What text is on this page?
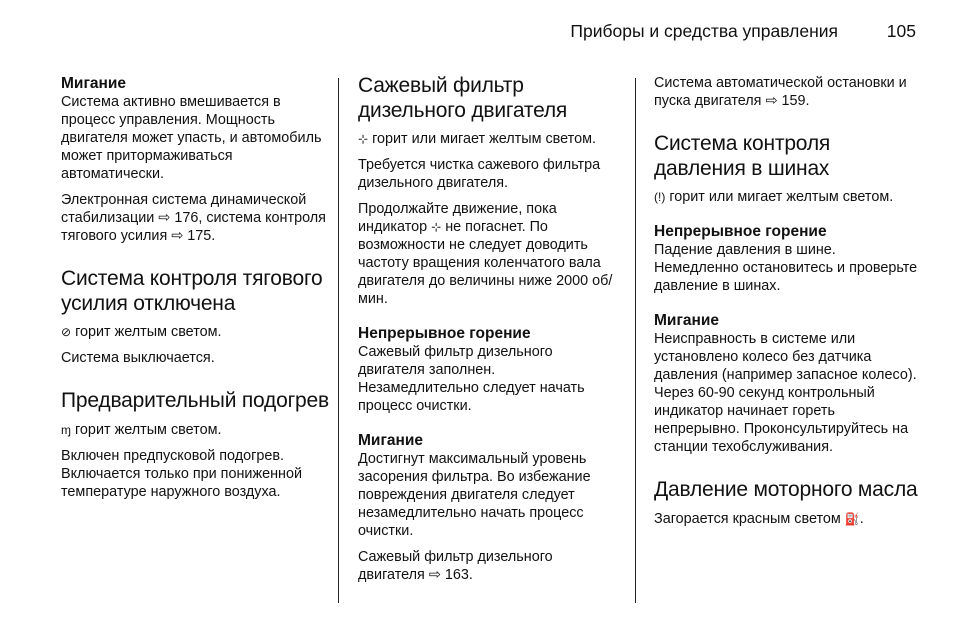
Приборы и средства управления	105
Мигание

Система активно вмешивается в процесс управления. Мощность двигателя может упасть, и автомобиль может притормаживаться автоматически.

Электронная система динамической стабилизации ⇨ 176, система контроля тягового усилия ⇨ 175.

Система контроля тягового усилия отключена

⊘ горит желтым светом.

Система выключается.

Предварительный подогрев

ɱ горит желтым светом.

Включен предпусковой подогрев. Включается только при пониженной температуре наружного воздуха.

Сажевый фильтр дизельного двигателя

⊹ горит или мигает желтым светом.

Требуется чистка сажевого фильтра дизельного двигателя.

Продолжайте движение, пока индикатор ⊹ не погаснет. По возможности не следует доводить частоту вращения коленчатого вала двигателя до величины ниже 2000 об/мин.

Непрерывное горение

Сажевый фильтр дизельного двигателя заполнен. Незамедлительно следует начать процесс очистки.

Мигание

Достигнут максимальный уровень засорения фильтра. Во избежание повреждения двигателя следует незамедлительно начать процесс очистки.

Сажевый фильтр дизельного двигателя ⇨ 163.

Система автоматической остановки и пуска двигателя ⇨ 159.

Система контроля давления в шинах

(!) горит или мигает желтым светом.

Непрерывное горение

Падение давления в шине. Немедленно остановитесь и проверьте давление в шинах.

Мигание

Неисправность в системе или установлено колесо без датчика давления (например запасное колесо). Через 60-90 секунд контрольный индикатор начинает гореть непрерывно. Проконсультируйтесь на станции техобслуживания.

Давление моторного масла

Загорается красным светом ⛽.
